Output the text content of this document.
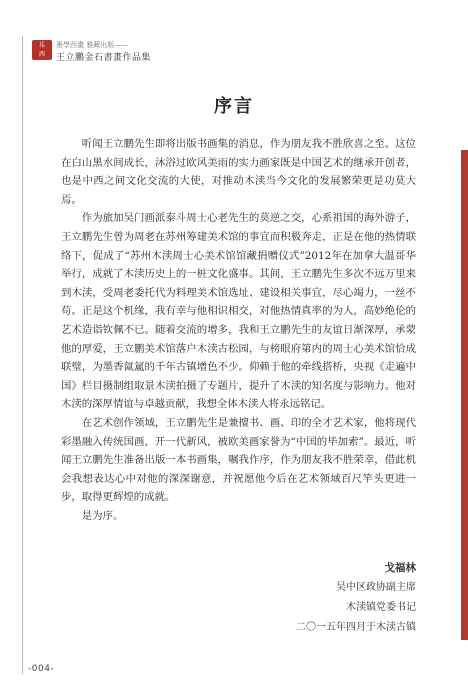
乐
西
墨學西畫 雅藏出版——
王立鵬金石書畫作品集
序言

听闻王立鹏先生即将出版书画集的消息，作为朋友我不胜欣喜之至。这位在白山黑水间成长，沐浴过欧风美雨的实力画家既是中国艺术的继承开创者，也是中西之间文化交流的大使，对推动木渎当今文化的发展繁荣更是功莫大焉。

作为旅加吴门画派泰斗周士心老先生的莫逆之交，心系祖国的海外游子，王立鹏先生曾为周老在苏州筹建美术馆的事宜而积极奔走，正是在他的热情联络下，促成了“苏州木渎周士心美术馆馆藏捐赠仪式”2012年在加拿大温哥华举行，成就了木渎历史上的一桩文化盛事。其间，王立鹏先生多次不远万里来到木渎，受周老委托代为料理美术馆选址、建设相关事宜，尽心竭力，一丝不苟。正是这个机缘，我有幸与他相识相交，对他热情真率的为人，高妙绝伦的艺术造诣钦佩不已。随着交流的增多，我和王立鹏先生的友谊日渐深厚，承蒙他的厚爱，王立鹏美术馆落户木渎古松园，与榜眼府第内的周士心美术馆恰成联璧，为墨香氤氲的千年古镇增色不少。仰赖于他的牵线搭桥，央视《走遍中国》栏目摄制组取景木渎拍摄了专题片，提升了木渎的知名度与影响力。他对木渎的深厚情谊与卓越贡献，我想全体木渎人将永远铭记。

在艺术创作领域，王立鹏先生是兼擅书、画、印的全才艺术家，他将现代彩墨融入传统国画，开一代新风，被欧美画家誉为“中国的毕加索”。最近，听闻王立鹏先生准备出版一本书画集，嘱我作序，作为朋友我不胜荣幸，借此机会我想表达心中对他的深深谢意，并祝愿他今后在艺术领域百尺竿头更进一步，取得更辉煌的成就。

是为序。

戈福林
吴中区政协副主席
木渎镇党委书记
二〇一五年四月于木渎古镇
-004-
